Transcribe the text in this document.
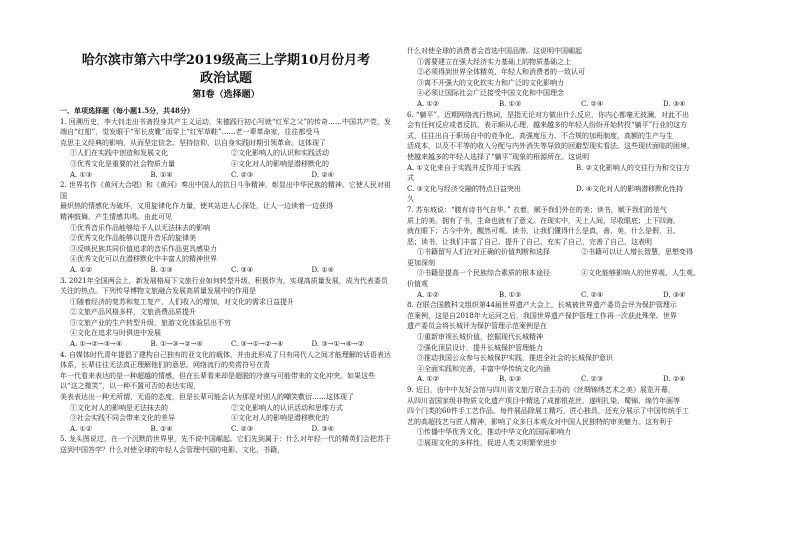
哈尔滨市第六中学2019级高三上学期10月份月考
政治试题
第Ⅰ卷（选择题）
一、单项选择题（每小题1.5分，共48分）

1. 回溯历史，李大钊走出书斋投身共产主义运动，朱德践行初心写就“红军之父”的传奇……中国共产党，发端自“红船”，觉发眼于“军长皮靴”而穿上“红军草鞋”……老一辈革命家，往往都受马

克思主义经典的影响，从而坚定信念、坚持信仰，以自身实践时期引领革命。这体现了

①人们在实践中创造和发展文化	②文化影响人的认识和实践活动
③优秀文化是重要的社会物质力量	④文化对人的影响是潜移默化的
A. ①③	B. ①④	C. ②③	D. ②④

2. 世界名作《黄河大合唱》和《黄河》奏出中国人的抗日斗争精神，彰显出中华民族的精神。它使人民对祖国

最炽热的情感化为破坏，又用旋律化作力量，使其站进人心深处，让人一边读着一边获得

精神鼓舞、产生情感共鸣。由此可见

①优秀音乐作品能够给予人以无法抹去的影响
②优秀文化作品能够以提升音乐的旋律美
③反映民族共同价值追求的音乐作品更具感染力
④优秀文化可以在潜移默化中丰富人的精神世界
A. ①②	B. ①③	C. ③④	D. ①④

3. 2021年全国两会上，新发展格局下文旅行业如何转型升级、积极作为，实现高质量发展，成为代表委员关注的热点。下列传导博物文旅融合发展高质量发展中的作用是

①随着经济的复苏和复工复产，人们收入的增加，对文化的需求日益提升
②文旅产品风格多样，文旅消费品质提升
③文旅产业的生产转型升级，旅游文化体验层出不穷
④文化在追求与时俱进中发展
A. ①→②→③→④	B. ①→③→②→④	C. ③→①→②→④	D. ③→①→④→②

4. 自媒体时代青年提倡了建构自己独有的亚文化的载体，并由此形成了只有同代人之间才能理解的话语表达体系，长辈往往无法真正理解他们的意思。网络流行的奖赏符号在青

年一代看来表达的是一种超越的情感，但在长辈看来却是超脱的冷漠与可能带来的文化冲突。如果这些以“这之微笑”，以一种不置可否的表达实现，

美表表达出一种无所谓、无语的态度，但是长辈可能会认为那是对别人的嘲笑敷衍……这体现了

①文化对人的影响是无法抹去的	②文化影响人的认识活动和思维方式
③社会实践不同会带来文化的差异	④文化对人的影响是潜移默化的
A. ①②	B. ①④	C. ②③	D. ③④

5. 龙头图说过，在一个沉默的世界里，先不说中国崛起。它们先到属于：什么对年轻一代的精英们会把苏于送到中国答学？什么对使全球的年轻人会管理中国的电影、文化、书籍，

什么对使全球的消费者会首选中国品牌。这说明中国崛起

①需要建立在强大经济实力基础上的物质基础之上
②必须得到世界全体精英、年轻人和消费者的一致认可
③离不开强大的文化软实力和广泛的文化影响力
④必须让国际社会广泛接受中国文化和中国理念
A. ①②	B. ①③	C. ②④	D. ③④

6. “躺平”。近期网络流行热词，是指无论对方做出什么反应，你内心都毫无波澜，对此不出

会有任何反应或者反抗，表示顺从心理，越来越多的年轻人纷纷开始转投“躺平”行业的这方

式，往往出自于职场自中的竞争化、高强度压力、不合规的加班制度，高额的生产与生

活成本，以及不平等的收入分配与内外消失等导致的回避型现实看法。这些现状面临的困境，

使越来越多的年轻人选择了“躺平”现象的根源所在。这说明

A. ①文化来自于实践并反作用于实践	B. ②文化影响人的交往行为和交往方
式
C. ③文化与经济交融的特点日益突出	D. ④文化对人的影响潜移默化性持
久

7. 苏东坡说：“腹有诗书气自华。” 衣着，赋予我们外在的美；读书，赋予我们的是气

质上的美。拥有了书，生命也就有了意义。在现实中，天上人间，尽收眼底；上下四海，

就在眼下；古今中外，醒然可观。读书，让我们懂得什么是真，善、美，什么是假，丑、

恶；读书，让我们丰富了自己、提升了自己、充实了自己，完善了自己，这表明

①书籍留写人们在对正确的价值判断和选择	②书籍可以让人增长智慧，思想变得
更加深刻
③书籍是提高一个民族综合素质的根本途径	④文化能够影响人的世界观、人生观、
价值观
A. ①②	B. ①③	C. ②④	D. ③④

8. 在联合国教科文组织第44届世界遗产大会上，长城被世界遗产委员会评为保护管理示

范案例，这是自2018年大运河之后，我国世界遗产保护管理工作再一次获此殊荣。世界

遗产委员会将长城评为保护管理示范案例是在

①重新审视长城价值，挖掘现代长城精神
②强化顶层设计，提升长城保护管理能力
③推动我国公众参与长城保护实践，推进全社会的长城保护意识
④全面实践和完善，丰富中华传统文化内涵
A. ①②	B. ①③	C. ②③	D. ②④

9. 近日，由中中友好会馆与四川省文旅厅联合主办的《丝绸锦绣艺术之美》展览开幕，

从四川省国家级非物质文化遗产项目中精选了成都银花丝、遂明扎染、蜀锦、绵竹年画等

四个门类的60件手工艺作品。每件展品除展工精巧，匠心独具，还充分展示了中国传统手工

艺的高超技艺与匠人精神，影响了众多日本观众对中国人民独特的审美魅力。这有利于

①传播中华优秀文化，推动中华文化的国际影响力
②展现文化的多样性，促进人类文明繁荣进步
